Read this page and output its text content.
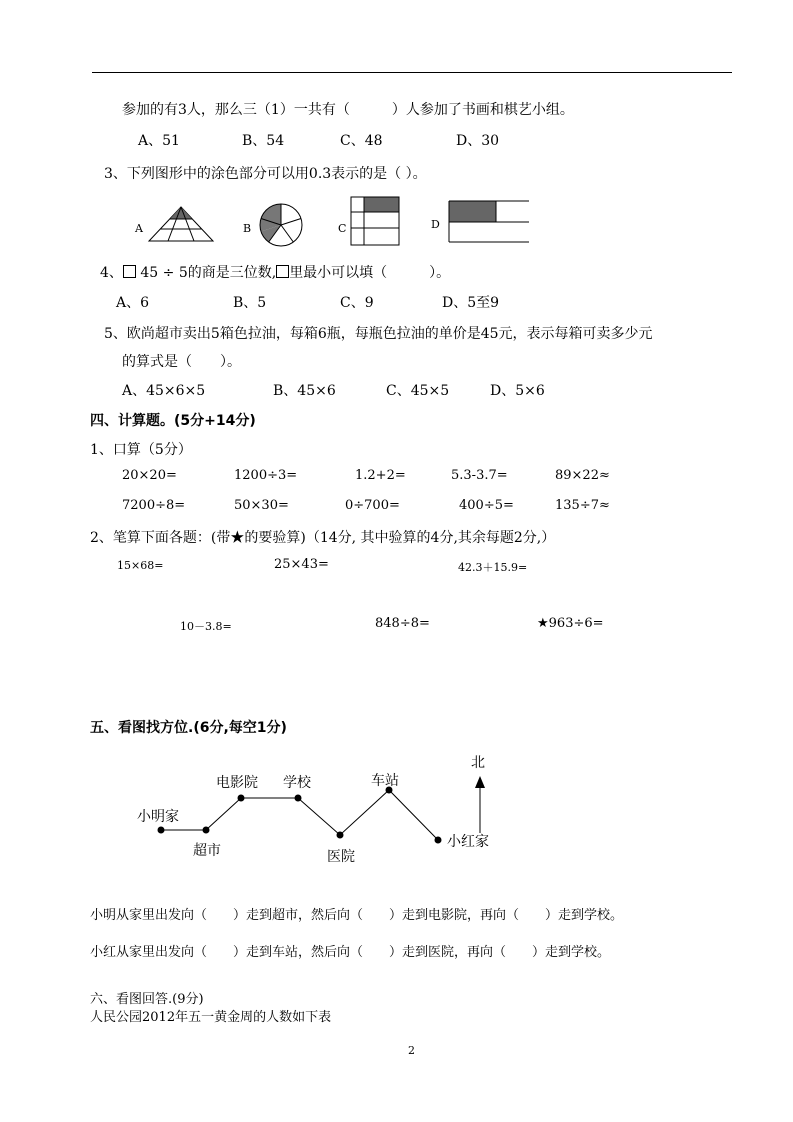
参加的有3人，那么三（1）一共有（　　　）人参加了书画和棋艺小组。
A、51	B、54	C、48	D、30
3、下列图形中的涂色部分可以用0.3表示的是（ ）。
A	B	C	D
4、 45 ÷ 5的商是三位数, 里最小可以填（　　　）。
A、6	B、5	C、9	D、5至9
5、欧尚超市卖出5箱色拉油，每箱6瓶，每瓶色拉油的单价是45元，表示每箱可卖多少元
的算式是（　　）。
A、45×6×5	B、45×6	C、45×5	D、5×6
四、计算题。(5分+14分)
1、口算（5分）
20×20=	1200÷3=	1.2+2=	5.3-3.7=	89×22≈
7200÷8=	50×30=	0÷700=	400÷5=	135÷7≈
2、笔算下面各题：(带★的要验算)（14分, 其中验算的4分,其余每题2分,）
15×68=	25×43=	42.3＋15.9=
10－3.8=	848÷8=	★963÷6=
五、看图找方位.(6分,每空1分)
北
小明家
超市
电影院 学校
医院
车站
小红家
小明从家里出发向（　　）走到超市，然后向（　　）走到电影院，再向（　　）走到学校。
小红从家里出发向（　　）走到车站，然后向（　　）走到医院，再向（　　）走到学校。
六、看图回答.(9分)
人民公园2012年五一黄金周的人数如下表
2
